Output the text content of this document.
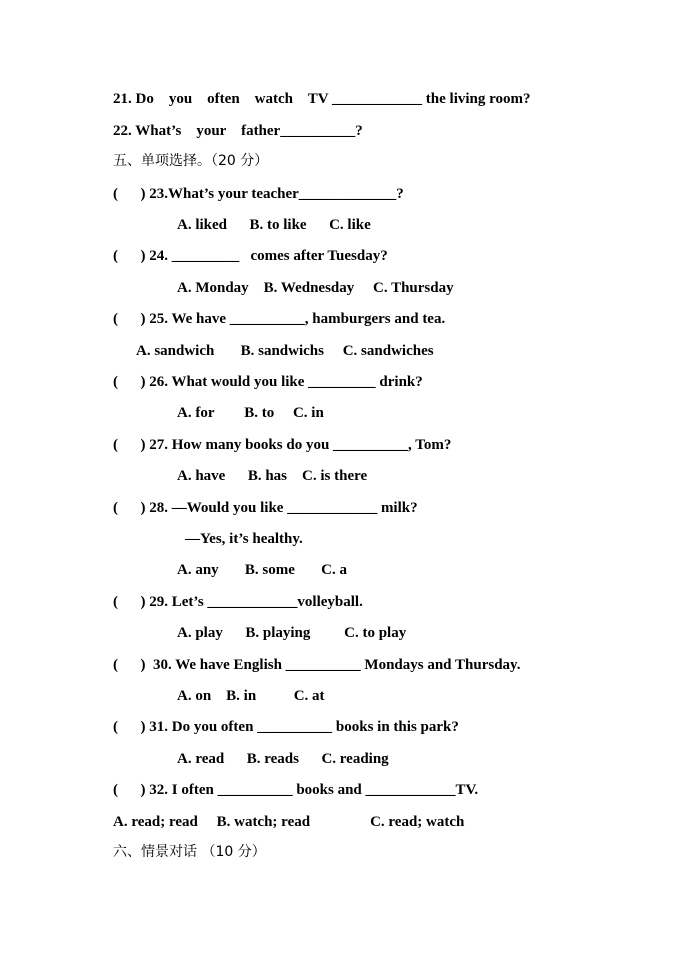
21. Do    you    often    watch    TV ____________ the living room?
22. What’s    your    father__________?
五、单项选择。（20 分）
(      ) 23.What’s your teacher_____________?
A. liked      B. to like      C. like
(      ) 24. _________   comes after Tuesday?
A. Monday    B. Wednesday     C. Thursday
(      ) 25. We have __________, hamburgers and tea.
A. sandwich       B. sandwichs     C. sandwiches
(      ) 26. What would you like _________ drink?
A. for        B. to     C. in
(      ) 27. How many books do you __________, Tom?
A. have      B. has    C. is there
(      ) 28. —Would you like ____________ milk?
—Yes, it’s healthy.
A. any       B. some       C. a
(      ) 29. Let’s ____________volleyball.
A. play      B. playing         C. to play
(      )  30. We have English __________ Mondays and Thursday.
A. on    B. in          C. at
(      ) 31. Do you often __________ books in this park?
A. read      B. reads      C. reading
(      ) 32. I often __________ books and ____________TV.
A. read; read     B. watch; read                C. read; watch
六、情景对话 （10 分）
